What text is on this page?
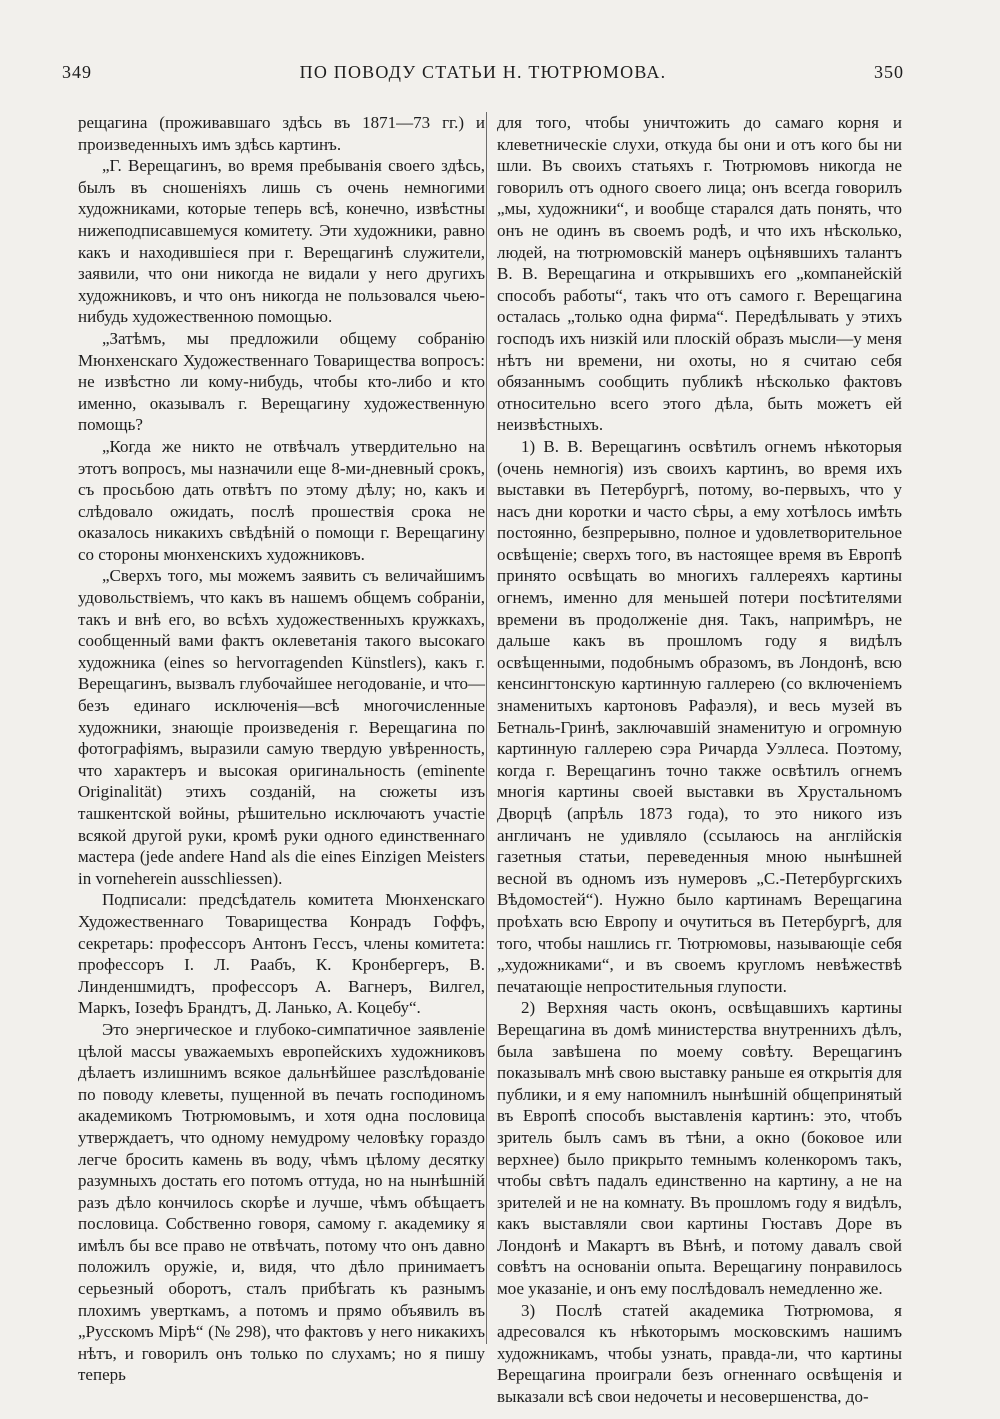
349	ПО ПОВОДУ СТАТЬИ Н. ТЮТРЮМОВА.	350

рещагина (проживавшаго здѣсь въ 1871—73 гг.) и произведенныхъ имъ здѣсь картинъ.

„Г. Верещагинъ, во время пребыванія своего здѣсь, былъ въ сношеніяхъ лишь съ очень немногими художниками, которые теперь всѣ, конечно, извѣстны нижеподписавшемуся комитету. Эти художники, равно какъ и находившіеся при г. Верещагинѣ служители, заявили, что они никогда не видали у него другихъ художниковъ, и что онъ никогда не пользовался чьею-нибудь художественною помощью.

„Затѣмъ, мы предложили общему собранію Мюнхенскаго Художественнаго Товарищества вопросъ: не извѣстно ли кому-нибудь, чтобы кто-либо и кто именно, оказывалъ г. Верещагину художественную помощь?

„Когда же никто не отвѣчалъ утвердительно на этотъ вопросъ, мы назначили еще 8-ми-дневный срокъ, съ просьбою дать отвѣтъ по этому дѣлу; но, какъ и слѣдовало ожидать, послѣ прошествія срока не оказалось никакихъ свѣдѣній о помощи г. Верещагину со стороны мюнхенскихъ художниковъ.

„Сверхъ того, мы можемъ заявить съ величайшимъ удовольствіемъ, что какъ въ нашемъ общемъ собраніи, такъ и внѣ его, во всѣхъ художественныхъ кружкахъ, сообщенный вами фактъ оклеветанія такого высокаго художника (eines so hervorragenden Künstlers), какъ г. Верещагинъ, вызвалъ глубочайшее негодованіе, и что—безъ единаго исключенія—всѣ многочисленные художники, знающіе произведенія г. Верещагина по фотографіямъ, выразили самую твердую увѣренность, что характеръ и высокая оригинальность (eminente Originalität) этихъ созданій, на сюжеты изъ ташкентской войны, рѣшительно исключаютъ участіе всякой другой руки, кромѣ руки одного единственнаго мастера (jede andere Hand als die eines Einzigen Meisters in vorneherein ausschliessen).

Подписали: предсѣдатель комитета Мюнхенскаго Художественнаго Товарищества Конрадъ Гоффъ, секретарь: профессоръ Антонъ Гессъ, члены комитета: профессоръ І. Л. Раабъ, К. Кронбергеръ, В. Линденшмидтъ, профессоръ А. Вагнеръ, Вилгел, Маркъ, Іозефъ Брандтъ, Д. Ланько, А. Коцебу“.

Это энергическое и глубоко-симпатичное заявленіе цѣлой массы уважаемыхъ европейскихъ художниковъ дѣлаетъ излишнимъ всякое дальнѣйшее разслѣдованіе по поводу клеветы, пущенной въ печать господиномъ академикомъ Тютрюмовымъ, и хотя одна пословица утверждаетъ, что одному немудрому человѣку гораздо легче бросить камень въ воду, чѣмъ цѣлому десятку разумныхъ достать его потомъ оттуда, но на нынѣшній разъ дѣло кончилось скорѣе и лучше, чѣмъ обѣщаетъ пословица. Собственно говоря, самому г. академику я имѣлъ бы все право не отвѣчать, потому что онъ давно положилъ оружіе, и, видя, что дѣло принимаетъ серьезный оборотъ, сталъ прибѣгать къ разнымъ плохимъ уверткамъ, а потомъ и прямо объявилъ въ „Русскомъ Мірѣ“ (№ 298), что фактовъ у него никакихъ нѣтъ, и говорилъ онъ только по слухамъ; но я пишу теперь

для того, чтобы уничтожить до самаго корня и клеветническіе слухи, откуда бы они и отъ кого бы ни шли. Въ своихъ статьяхъ г. Тютрюмовъ никогда не говорилъ отъ одного своего лица; онъ всегда говорилъ „мы, художники“, и вообще старался дать понять, что онъ не одинъ въ своемъ родѣ, и что ихъ нѣсколько, людей, на тютрюмовскій манеръ оцѣнявшихъ талантъ В. В. Верещагина и открывшихъ его „компанейскій способъ работы“, такъ что отъ самого г. Верещагина осталась „только одна фирма“. Передѣлывать у этихъ господъ ихъ низкій или плоскій образъ мысли—у меня нѣтъ ни времени, ни охоты, но я считаю себя обязаннымъ сообщить публикѣ нѣсколько фактовъ относительно всего этого дѣла, быть можетъ ей неизвѣстныхъ.

1) В. В. Верещагинъ освѣтилъ огнемъ нѣкоторыя (очень немногія) изъ своихъ картинъ, во время ихъ выставки въ Петербургѣ, потому, во-первыхъ, что у насъ дни коротки и часто сѣры, а ему хотѣлось имѣть постоянно, безпрерывно, полное и удовлетворительное освѣщеніе; сверхъ того, въ настоящее время въ Европѣ принято освѣщать во многихъ галлереяхъ картины огнемъ, именно для меньшей потери посѣтителями времени въ продолженіе дня. Такъ, напримѣръ, не дальше какъ въ прошломъ году я видѣлъ освѣщенными, подобнымъ образомъ, въ Лондонѣ, всю кенсингтонскую картинную галлерею (со включеніемъ знаменитыхъ картоновъ Рафаэля), и весь музей въ Бетналь-Гринѣ, заключавшій знаменитую и огромную картинную галлерею сэра Ричарда Уэллеса. Поэтому, когда г. Верещагинъ точно также освѣтилъ огнемъ многія картины своей выставки въ Хрустальномъ Дворцѣ (апрѣль 1873 года), то это никого изъ англичанъ не удивляло (ссылаюсь на англійскія газетныя статьи, переведенныя мною нынѣшней весной въ одномъ изъ нумеровъ „С.-Петербургскихъ Вѣдомостей“). Нужно было картинамъ Верещагина проѣхать всю Европу и очутиться въ Петербургѣ, для того, чтобы нашлись гг. Тютрюмовы, называющіе себя „художниками“, и въ своемъ кругломъ невѣжествѣ печатающіе непростительныя глупости.

2) Верхняя часть оконъ, освѣщавшихъ картины Верещагина въ домѣ министерства внутреннихъ дѣлъ, была завѣшена по моему совѣту. Верещагинъ показывалъ мнѣ свою выставку раньше ея открытія для публики, и я ему напомнилъ нынѣшній общепринятый въ Европѣ способъ выставленія картинъ: это, чтобъ зритель былъ самъ въ тѣни, а окно (боковое или верхнее) было прикрыто темнымъ коленкоромъ такъ, чтобы свѣтъ падалъ единственно на картину, а не на зрителей и не на комнату. Въ прошломъ году я видѣлъ, какъ выставляли свои картины Гюставъ Доре въ Лондонѣ и Макартъ въ Вѣнѣ, и потому давалъ свой совѣтъ на основаніи опыта. Верещагину понравилось мое указаніе, и онъ ему послѣдовалъ немедленно же.

3) Послѣ статей академика Тютрюмова, я адресовался къ нѣкоторымъ московскимъ нашимъ художникамъ, чтобы узнать, правда-ли, что картины Верещагина проиграли безъ огненнаго освѣщенія и выказали всѣ свои недочеты и несовершенства, до-
